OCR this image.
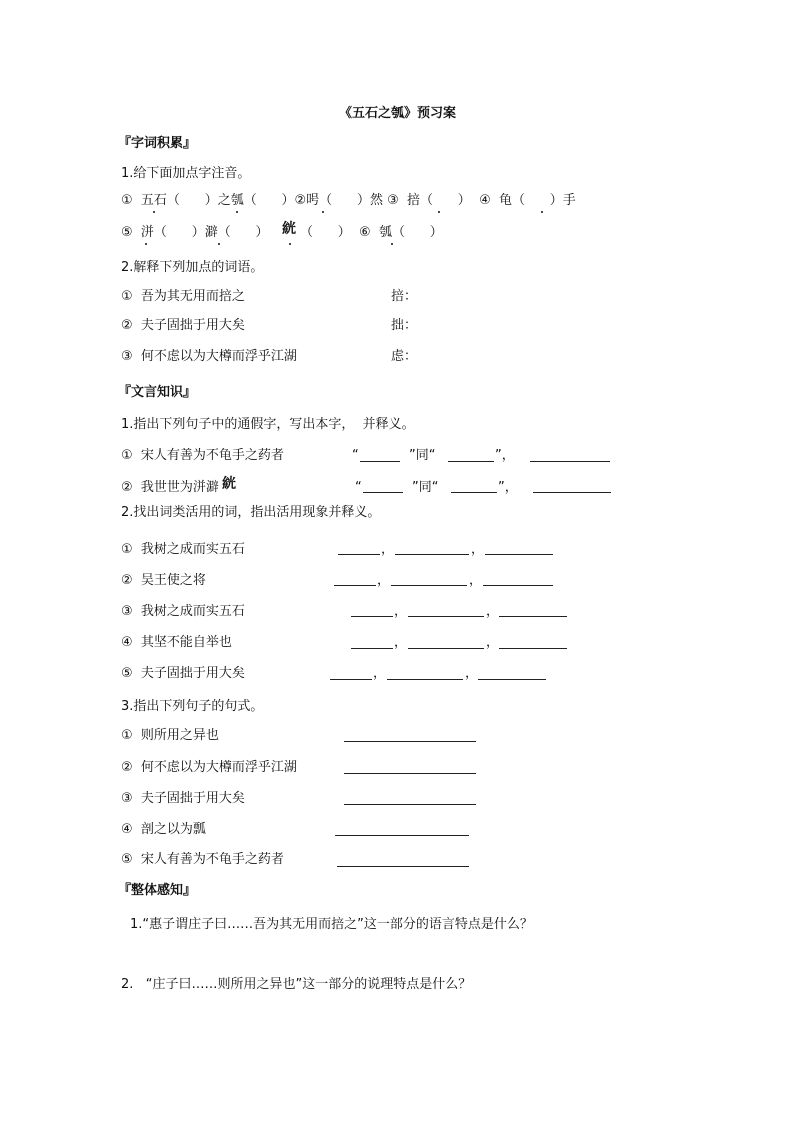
《五石之瓠》预习案
『字词积累』
1.给下面加点字注音。
①  五石（      ）之瓠（      ）②呺（      ）然 ③  掊（      ）  ④  龟（      ）手
⑤  洴（      ）澼（      ） 絖 （      ）  ⑥  瓠（      ）
2.解释下列加点的词语。
①  吾为其无用而掊之	掊：
②  夫子固拙于用大矣	拙：
③  何不虑以为大樽而浮乎江湖	虑：
『文言知识』
1.指出下列句子中的通假字，写出本字，  并释义。
①  宋人有善为不龟手之药者	“	”同“	”，
②  我世世为洴澼 絖	“	”同“	”，
2.找出词类活用的词，指出活用现象并释义。
①  我树之成而实五石	，	，
②  吴王使之将	，	，
③  我树之成而实五石	，	，
④  其坚不能自举也	，	，
⑤  夫子固拙于用大矣	，	，
3.指出下列句子的句式。
①  则所用之异也
②  何不虑以为大樽而浮乎江湖
③  夫子固拙于用大矣
④  剖之以为瓢
⑤  宋人有善为不龟手之药者
『整体感知』
1.“惠子谓庄子曰……吾为其无用而掊之”这一部分的语言特点是什么？
2.   “庄子曰……则所用之异也”这一部分的说理特点是什么？
